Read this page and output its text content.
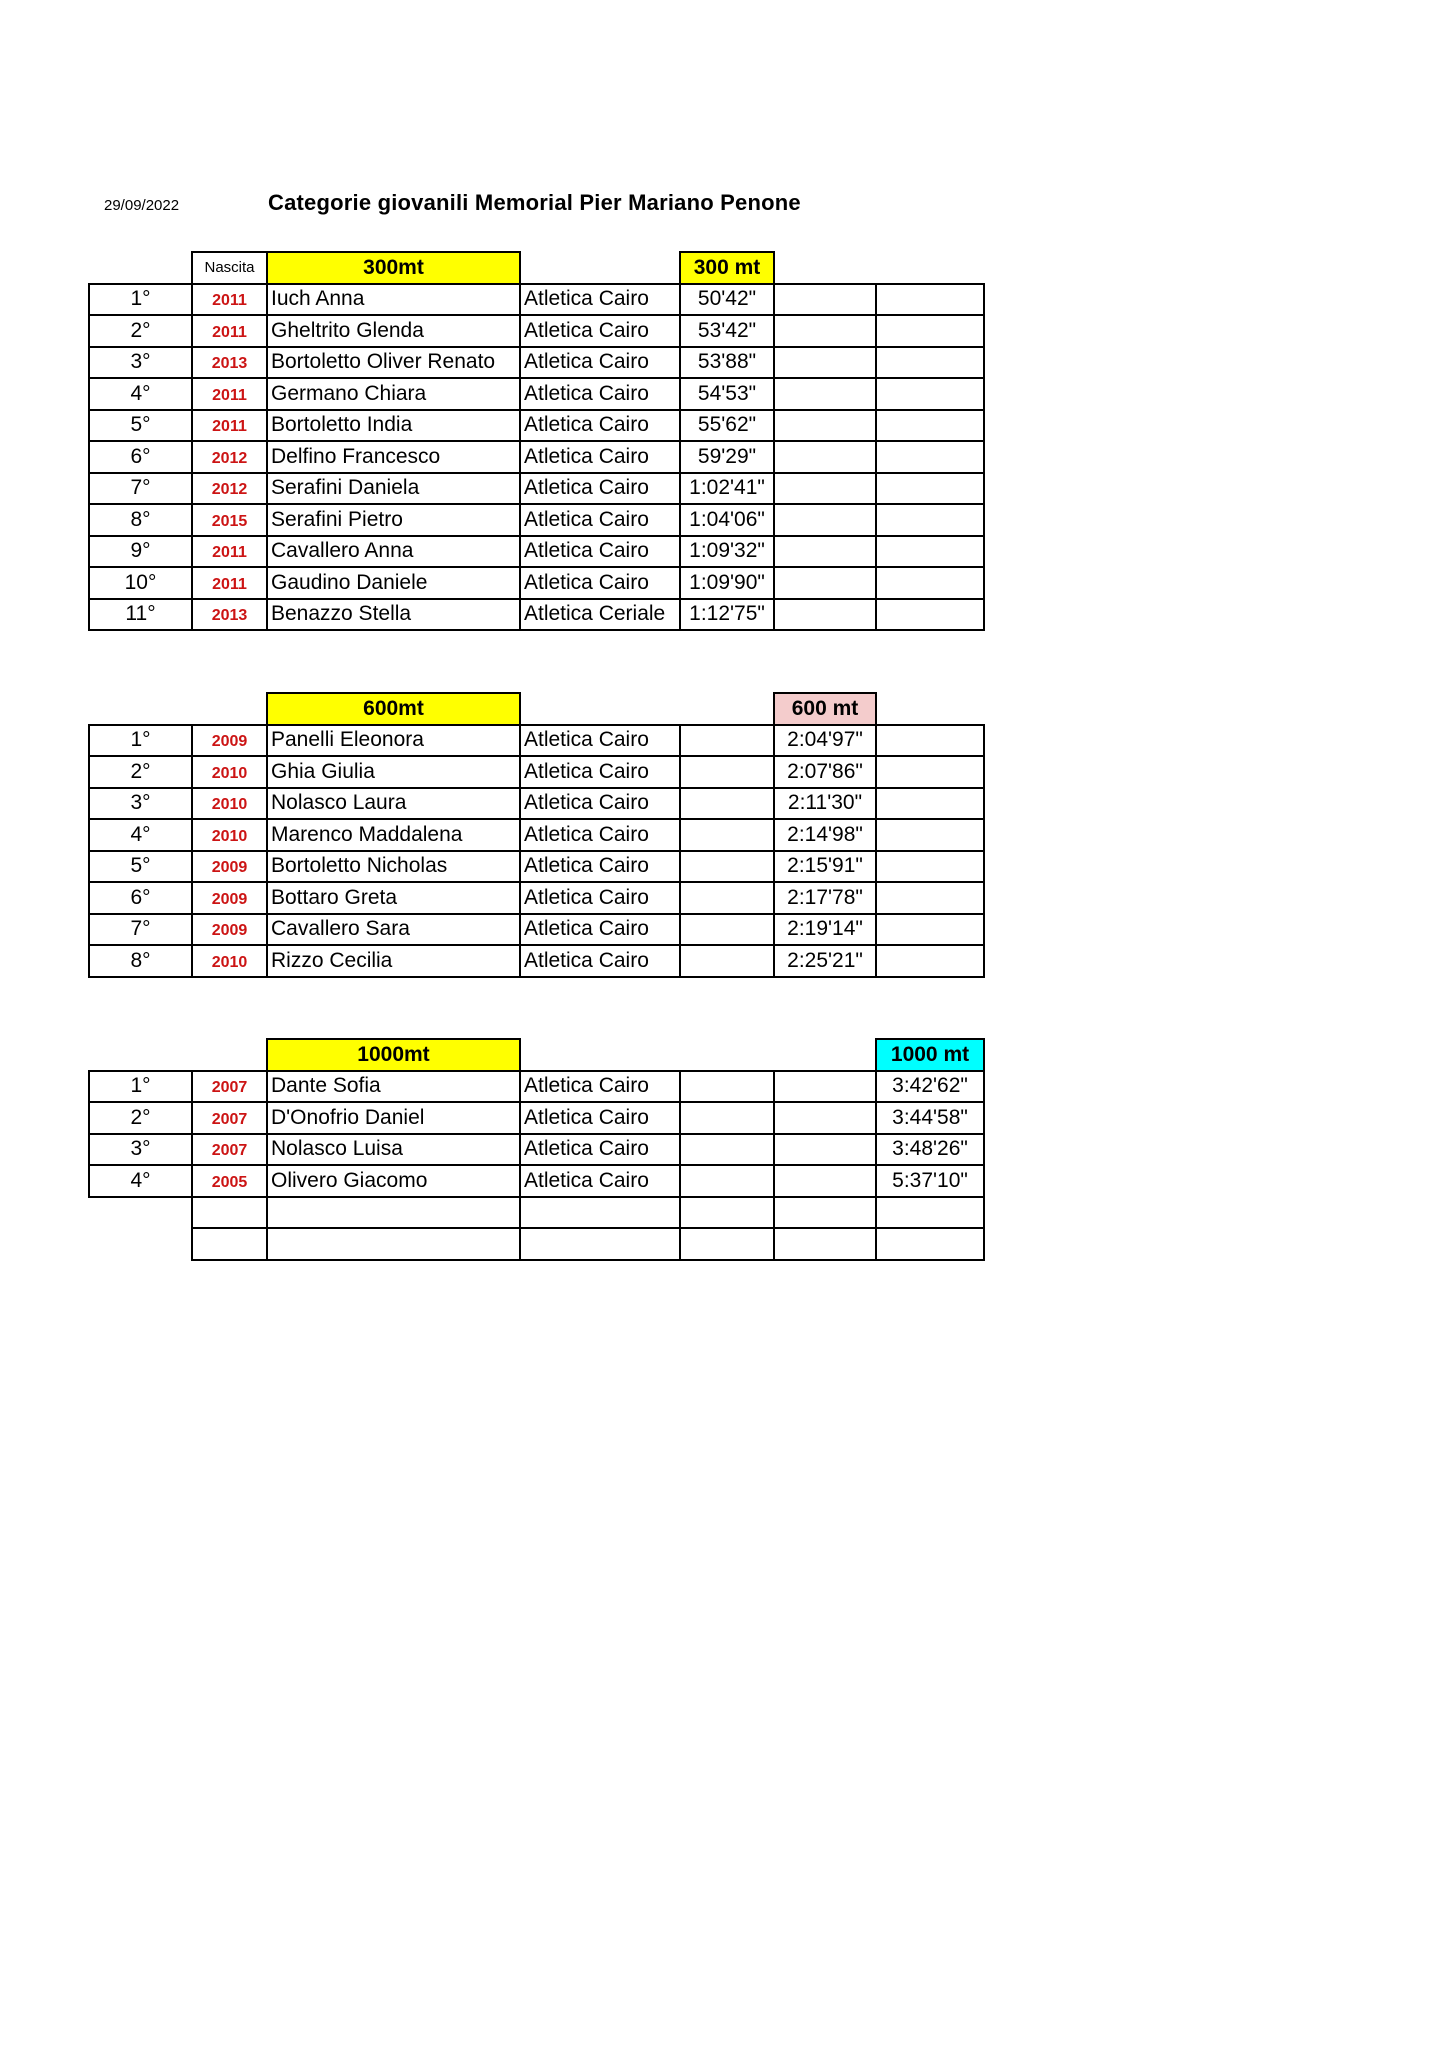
29/09/2022	Categorie giovanili Memorial Pier Mariano Penone
Nascita	300mt	300 mt
1°	2011	Iuch Anna	Atletica Cairo	50'42"
2°	2011	Gheltrito Glenda	Atletica Cairo	53'42"
3°	2013	Bortoletto Oliver Renato	Atletica Cairo	53'88"
4°	2011	Germano Chiara	Atletica Cairo	54'53"
5°	2011	Bortoletto India	Atletica Cairo	55'62"
6°	2012	Delfino Francesco	Atletica Cairo	59'29"
7°	2012	Serafini Daniela	Atletica Cairo	1:02'41"
8°	2015	Serafini Pietro	Atletica Cairo	1:04'06"
9°	2011	Cavallero Anna	Atletica Cairo	1:09'32"
10°	2011	Gaudino Daniele	Atletica Cairo	1:09'90"
11°	2013	Benazzo Stella	Atletica Ceriale	1:12'75"
600mt	600 mt
1°	2009	Panelli Eleonora	Atletica Cairo	2:04'97"
2°	2010	Ghia Giulia	Atletica Cairo	2:07'86"
3°	2010	Nolasco Laura	Atletica Cairo	2:11'30"
4°	2010	Marenco Maddalena	Atletica Cairo	2:14'98"
5°	2009	Bortoletto Nicholas	Atletica Cairo	2:15'91"
6°	2009	Bottaro Greta	Atletica Cairo	2:17'78"
7°	2009	Cavallero Sara	Atletica Cairo	2:19'14"
8°	2010	Rizzo Cecilia	Atletica Cairo	2:25'21"
1000mt	1000 mt
1°	2007	Dante Sofia	Atletica Cairo	3:42'62"
2°	2007	D'Onofrio Daniel	Atletica Cairo	3:44'58"
3°	2007	Nolasco Luisa	Atletica Cairo	3:48'26"
4°	2005	Olivero Giacomo	Atletica Cairo	5:37'10"
